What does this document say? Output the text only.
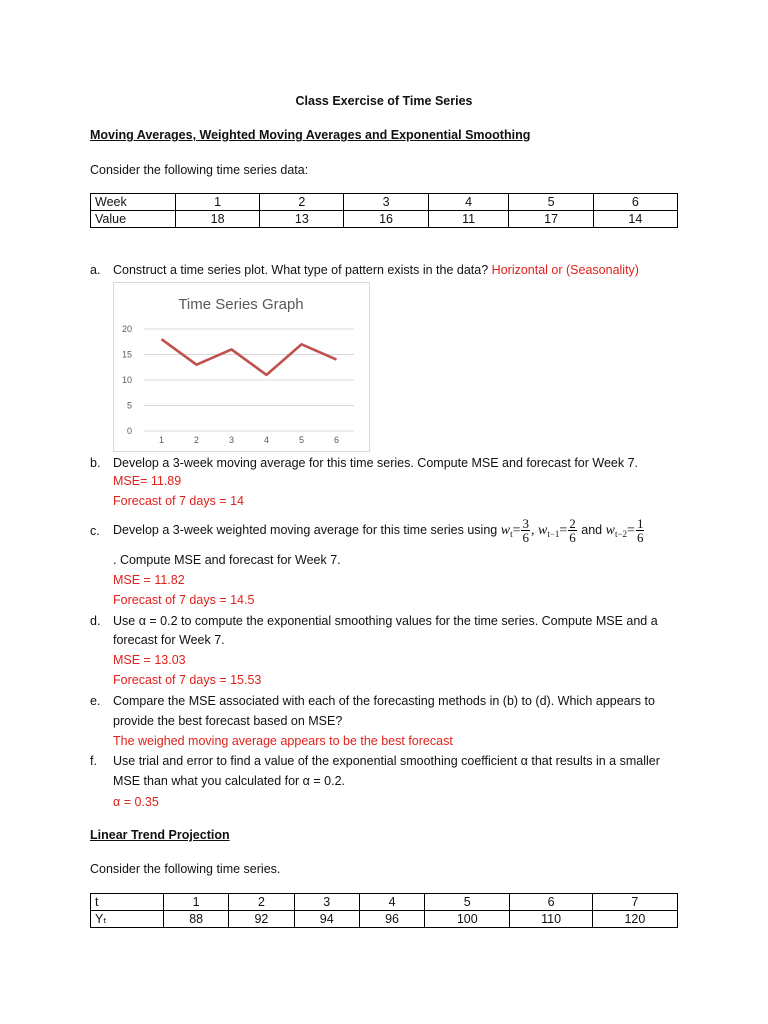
Class Exercise of Time Series
Moving Averages, Weighted Moving Averages and Exponential Smoothing
Consider the following time series data:
Week	1	2	3	4	5	6
Value	18	13	16	11	17	14
a. Construct a time series plot. What type of pattern exists in the data? Horizontal or (Seasonality)
Time Series Graph
0
5
10
15
20
1	2	3	4	5	6
b. Develop a 3-week moving average for this time series. Compute MSE and forecast for Week 7.
MSE= 11.89
Forecast of 7 days = 14
c. Develop a 3-week weighted moving average for this time series using $w_t= \frac{3}{6}$ , $w_{t-1}= \frac{2}{6}$ and $w_{t-2}= \frac{1}{6}$
. Compute MSE and forecast for Week 7.
MSE = 11.82
Forecast of 7 days = 14.5
d. Use α = 0.2 to compute the exponential smoothing values for the time series. Compute MSE and a
forecast for Week 7.
MSE = 13.03
Forecast of 7 days = 15.53
e. Compare the MSE associated with each of the forecasting methods in (b) to (d). Which appears to
provide the best forecast based on MSE?
The weighed moving average appears to be the best forecast
f. Use trial and error to find a value of the exponential smoothing coefficient α that results in a smaller
MSE than what you calculated for α = 0.2.
α = 0.35
Linear Trend Projection
Consider the following time series.
t	1	2	3	4	5	6	7
Yₜ	88	92	94	96	100	110	120
